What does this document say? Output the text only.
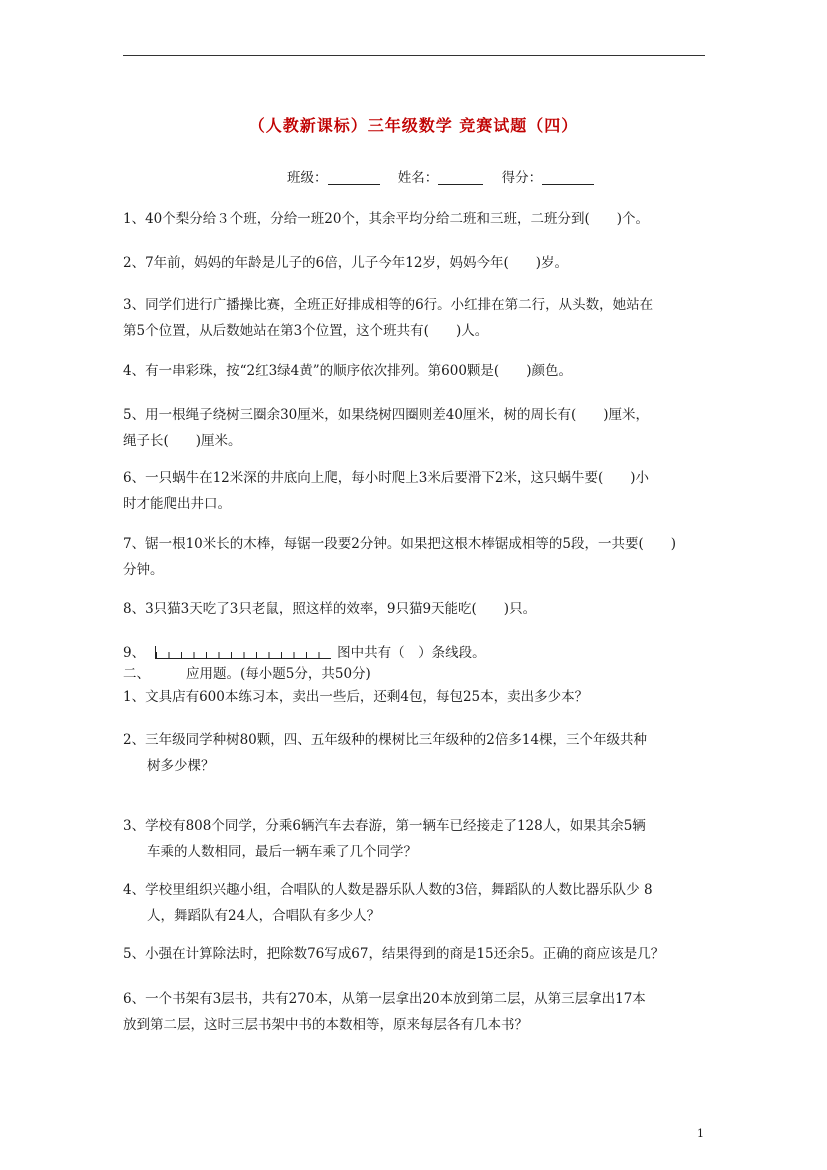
（人教新课标）三年级数学 竞赛试题（四）
班级：	姓名：	得分：
1、40个梨分给３个班，分给一班20个，其余平均分给二班和三班，二班分到(　　)个。
2、7年前，妈妈的年龄是儿子的6倍，儿子今年12岁，妈妈今年(　　)岁。
3、同学们进行广播操比赛，全班正好排成相等的6行。小红排在第二行，从头数，她站在
第5个位置，从后数她站在第3个位置，这个班共有(　　)人。
4、有一串彩珠，按“2红3绿4黄”的顺序依次排列。第600颗是(　　)颜色。
5、用一根绳子绕树三圈余30厘米，如果绕树四圈则差40厘米，树的周长有(　　)厘米，
绳子长(　　)厘米。
6、一只蜗牛在12米深的井底向上爬，每小时爬上3米后要滑下2米，这只蜗牛要(　　)小
时才能爬出井口。
7、锯一根10米长的木棒，每锯一段要2分钟。如果把这根木棒锯成相等的5段，一共要(　　)
分钟。
8、3只猫3天吃了3只老鼠，照这样的效率，9只猫9天能吃(　　)只。
9、	图中共有（　）条线段。
二、	应用题。(每小题5分，共50分)
1、文具店有600本练习本，卖出一些后，还剩4包，每包25本，卖出多少本？
2、三年级同学种树80颗，四、五年级种的棵树比三年级种的2倍多14棵，三个年级共种
树多少棵？
3、学校有808个同学，分乘6辆汽车去春游，第一辆车已经接走了128人，如果其余5辆
车乘的人数相同，最后一辆车乘了几个同学？
4、学校里组织兴趣小组，合唱队的人数是器乐队人数的3倍，舞蹈队的人数比器乐队少 8
人，舞蹈队有24人，合唱队有多少人？
5、小强在计算除法时，把除数76写成67，结果得到的商是15还余5。正确的商应该是几？
6、一个书架有3层书，共有270本，从第一层拿出20本放到第二层，从第三层拿出17本
放到第二层，这时三层书架中书的本数相等，原来每层各有几本书？
1
